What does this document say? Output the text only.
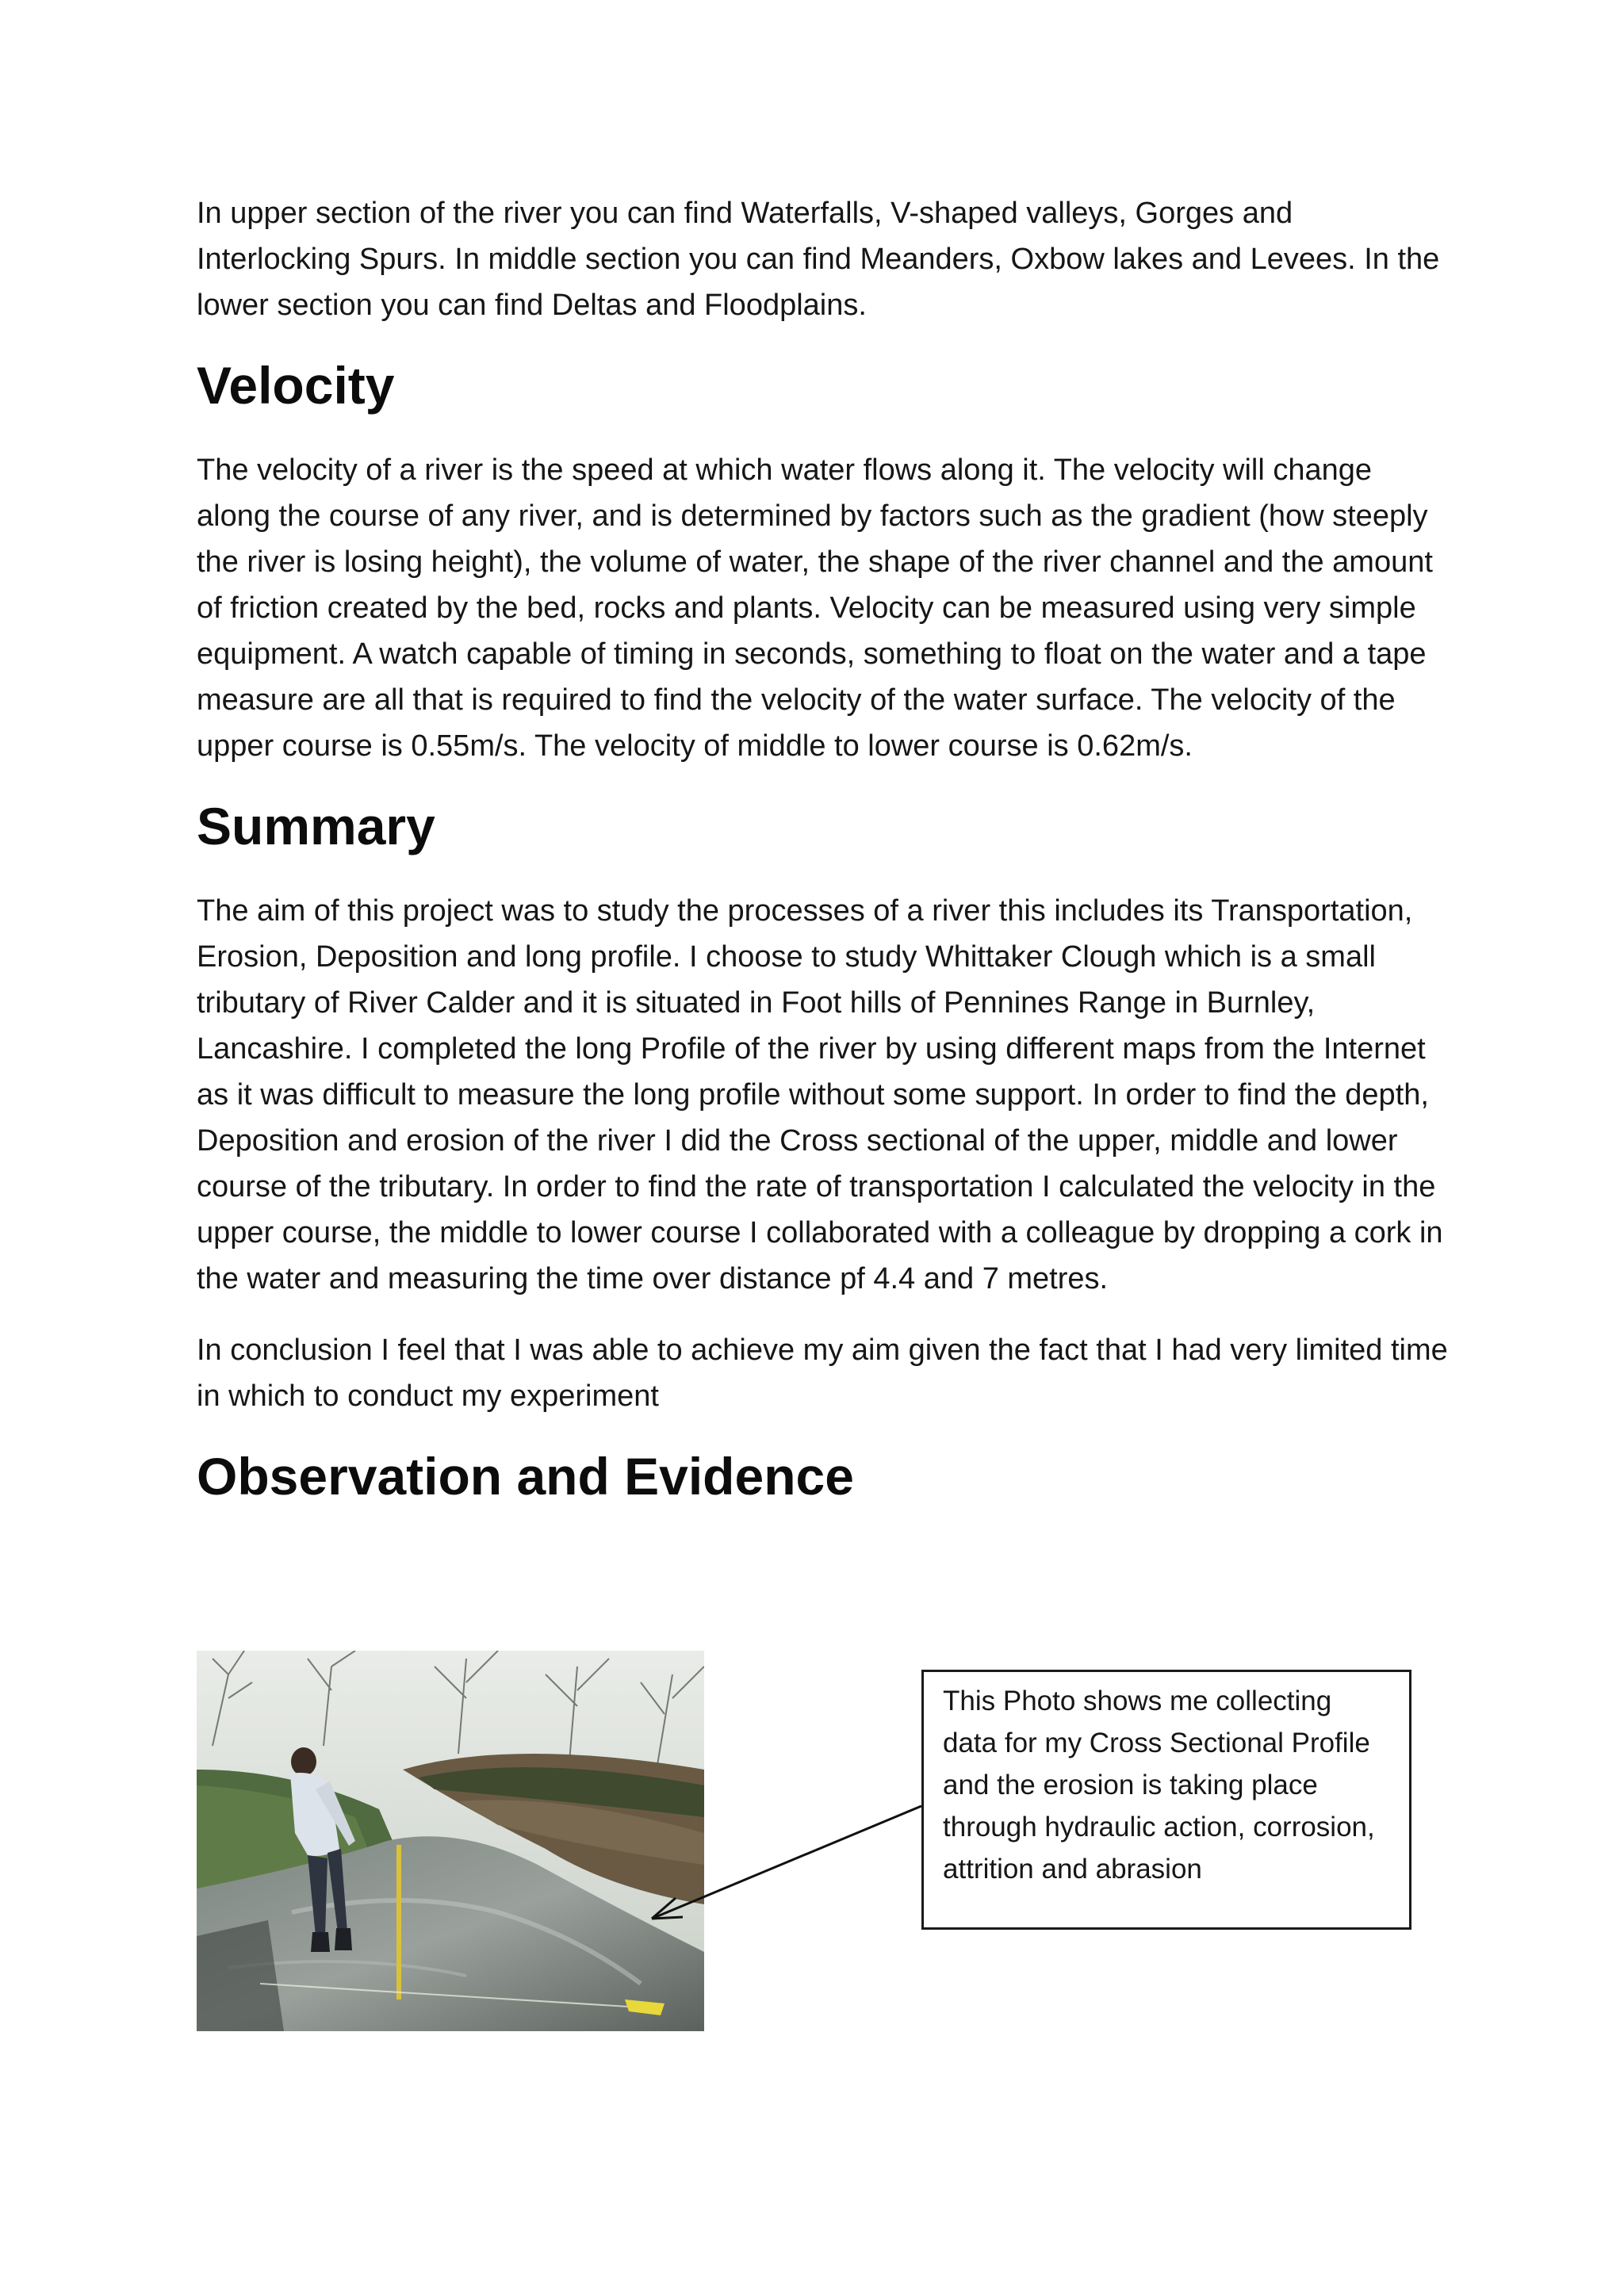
In upper section of the river you can find Waterfalls, V-shaped valleys, Gorges and Interlocking Spurs. In middle section you can find Meanders, Oxbow lakes and Levees. In the lower section you can find Deltas and Floodplains.

Velocity

The velocity of a river is the speed at which water flows along it. The velocity will change along the course of any river, and is determined by factors such as the gradient (how steeply the river is losing height), the volume of water, the shape of the river channel and the amount of friction created by the bed, rocks and plants. Velocity can be measured using very simple equipment. A watch capable of timing in seconds, something to float on the water and a tape measure are all that is required to find the velocity of the water surface. The velocity of the upper course is 0.55m/s. The velocity of middle to lower course is 0.62m/s.

Summary

The aim of this project was to study the processes of a river this includes its Transportation, Erosion, Deposition and long profile. I choose to study Whittaker Clough which is a small tributary of River Calder and it is situated in Foot hills of Pennines Range in Burnley, Lancashire. I completed the long Profile of the river by using different maps from the Internet as it was difficult to measure the long profile without some support. In order to find the depth, Deposition and erosion of the river I did the Cross sectional of the upper, middle and lower course of the tributary. In order to find the rate of transportation I calculated the velocity in the upper course, the middle to lower course I collaborated with a colleague by dropping a cork in the water and measuring the time over distance pf 4.4 and 7 metres.

In conclusion I feel that I was able to achieve my aim given the fact that I had very limited time in which to conduct my experiment

Observation and Evidence
This Photo shows me collecting data for my Cross Sectional Profile and the erosion is taking place through hydraulic action, corrosion, attrition and abrasion
